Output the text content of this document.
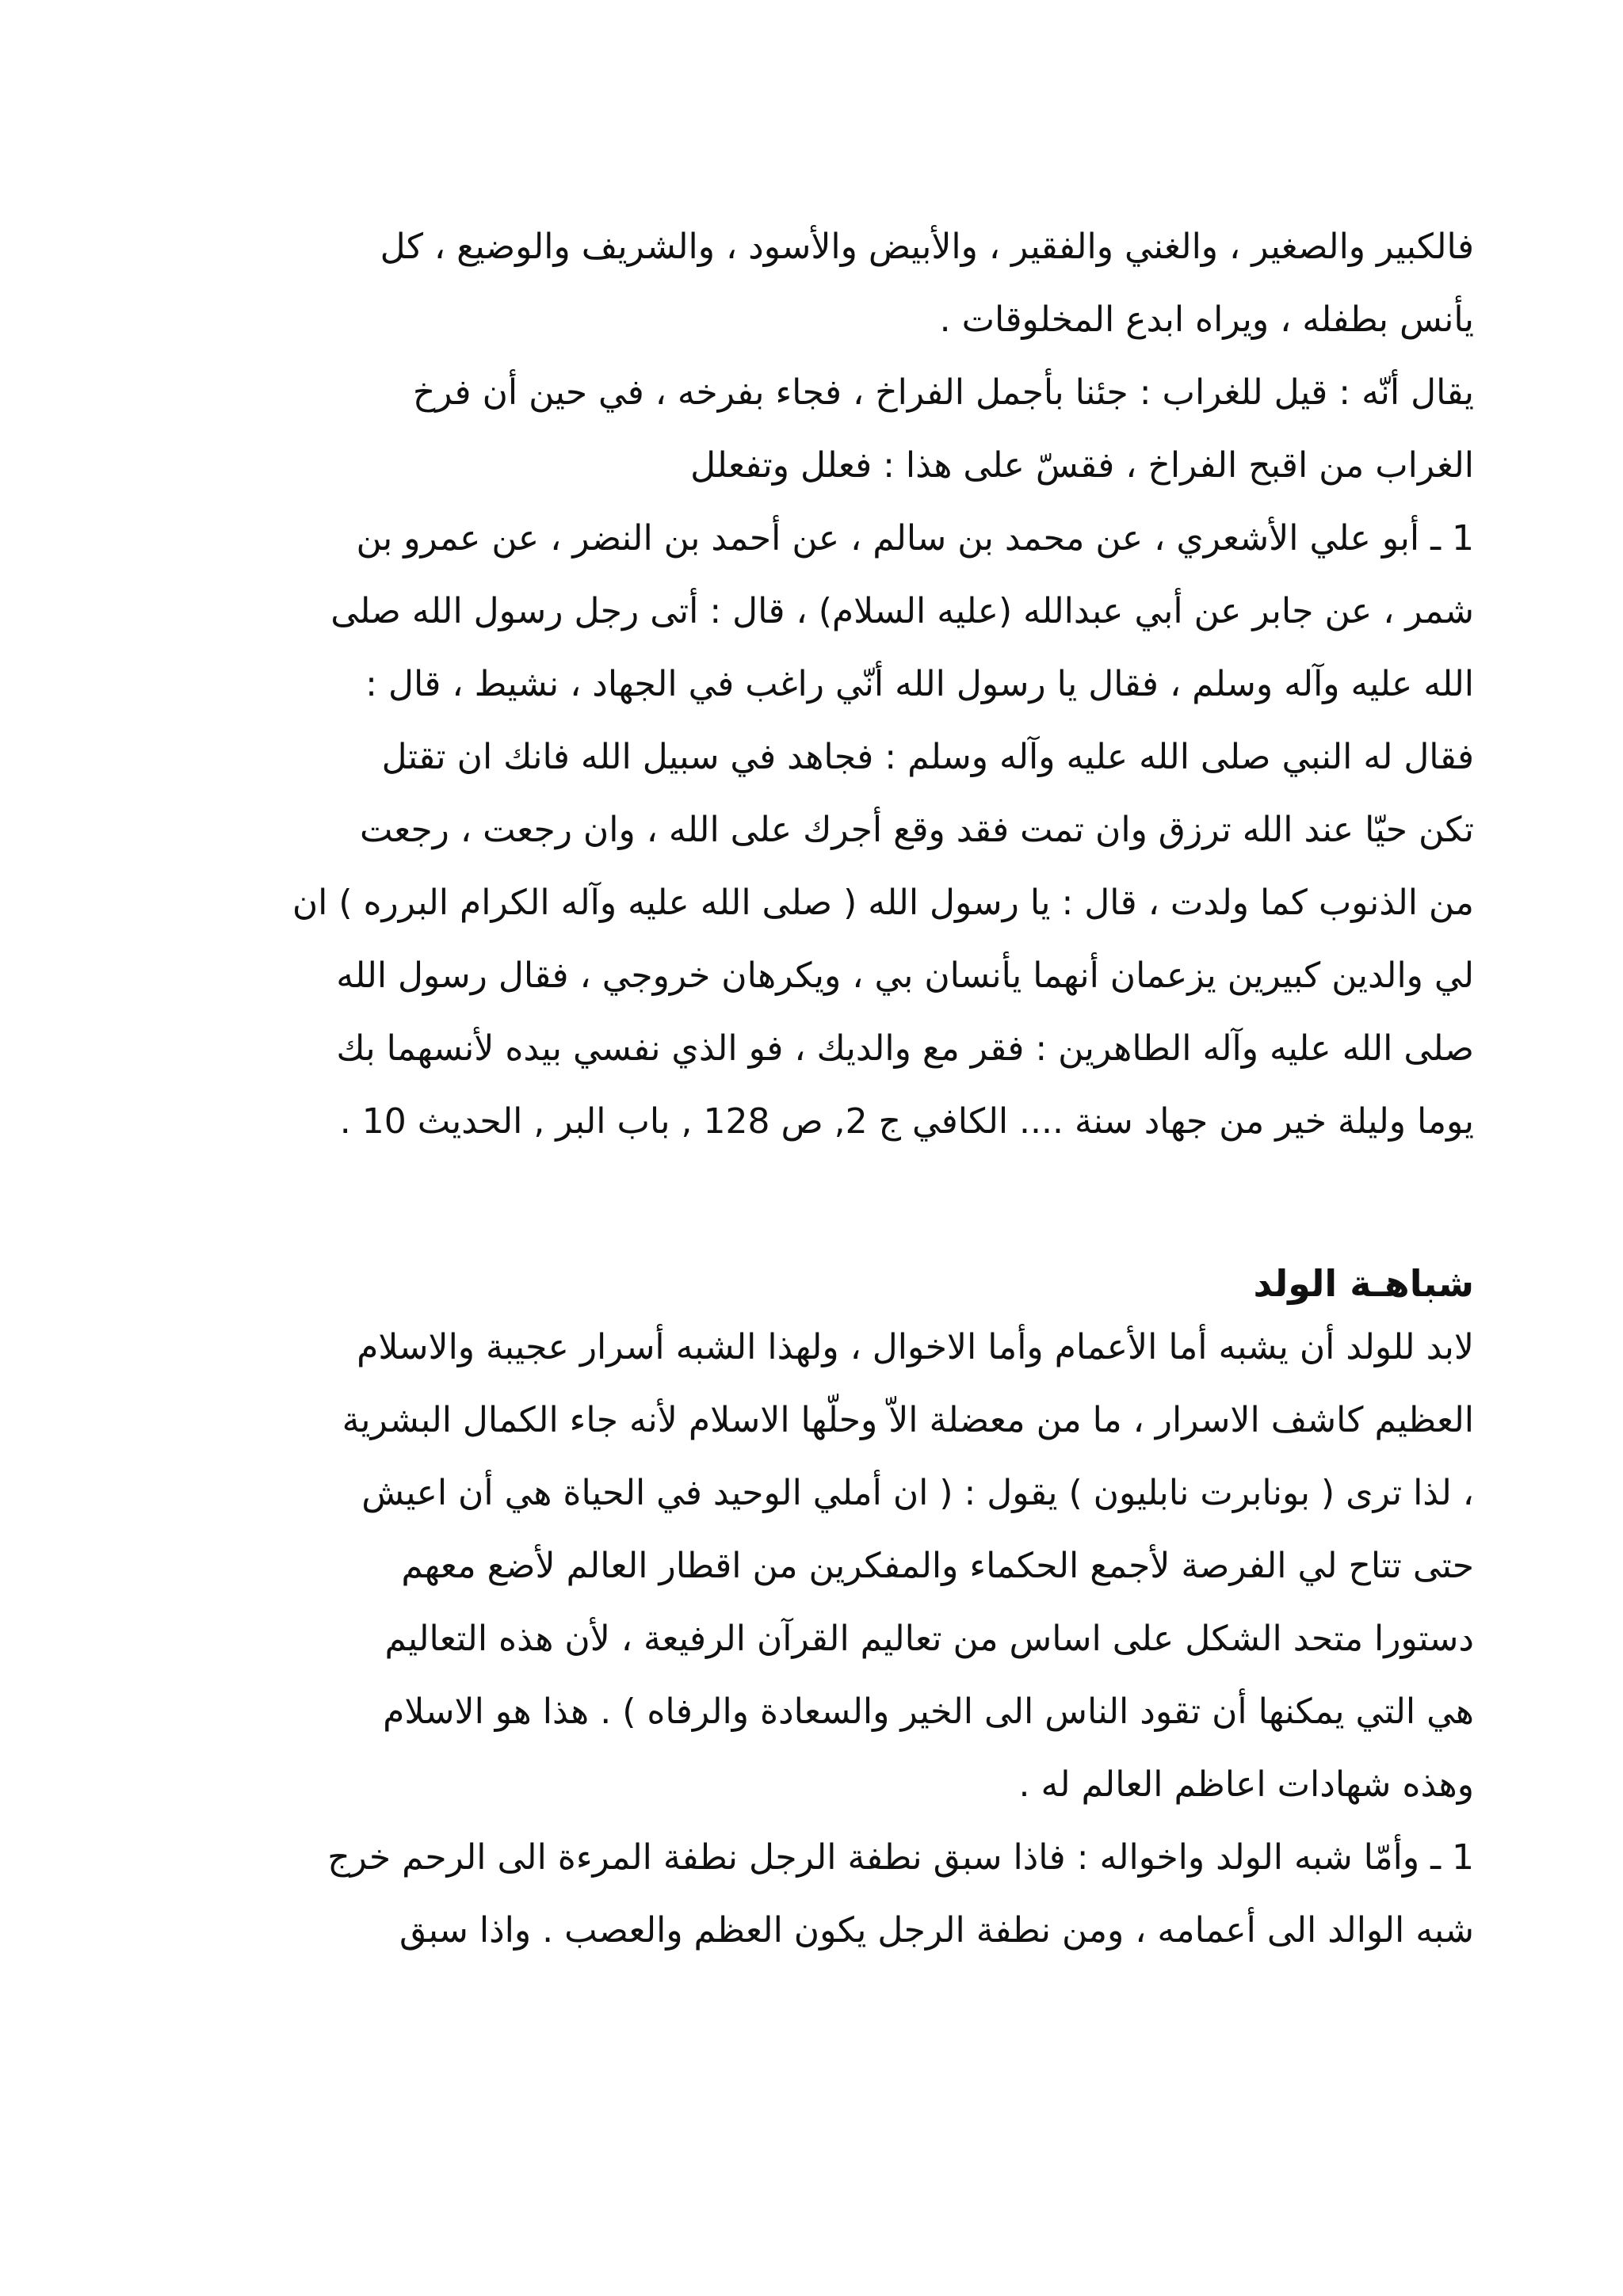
فالكبير والصغير ، والغني والفقير ، والأبيض والأسود ، والشريف والوضيع ، كل
يأنس بطفله ، ويراه ابدع المخلوقات .
يقال أنّه : قيل للغراب : جئنا بأجمل الفراخ ، فجاء بفرخه ، في حين أن فرخ
الغراب من اقبح الفراخ ، فقسّ على هذا : فعلل وتفعلل
1 ـ أبو علي الأشعري ، عن محمد بن سالم ، عن أحمد بن النضر ، عن عمرو بن
شمر ، عن جابر عن أبي عبدالله (عليه السلام) ، قال : أتى رجل رسول الله صلى
الله عليه وآله وسلم ، فقال يا رسول الله أنّي راغب في الجهاد ، نشيط ، قال :
فقال له النبي صلى الله عليه وآله وسلم : فجاهد في سبيل الله فانك ان تقتل
تكن حيّا عند الله ترزق وان تمت فقد وقع أجرك على الله ، وان رجعت ، رجعت
من الذنوب كما ولدت ، قال : يا رسول الله ( صلى الله عليه وآله الكرام البرره ) ان
لي والدين كبيرين يزعمان أنهما يأنسان بي ، ويكرهان خروجي ، فقال رسول الله
صلى الله عليه وآله الطاهرين : فقر مع والديك ، فو الذي نفسي بيده لأنسهما بك
يوما وليلة خير من جهاد سنة .... الكافي ج 2, ص 128 , باب البر , الحديث 10 .
شباهـة الولد
لابد للولد أن يشبه أما الأعمام وأما الاخوال ، ولهذا الشبه أسرار عجيبة والاسلام
العظيم كاشف الاسرار ، ما من معضلة الاّ وحلّها الاسلام لأنه جاء الكمال البشرية
، لذا ترى ( بونابرت نابليون ) يقول : ( ان أملي الوحيد في الحياة هي أن اعيش
حتى تتاح لي الفرصة لأجمع الحكماء والمفكرين من اقطار العالم لأضع معهم
دستورا متحد الشكل على اساس من تعاليم القرآن الرفيعة ، لأن هذه التعاليم
هي التي يمكنها أن تقود الناس الى الخير والسعادة والرفاه ) . هذا هو الاسلام
وهذه شهادات اعاظم العالم له .
1 ـ وأمّا شبه الولد واخواله : فاذا سبق نطفة الرجل نطفة المرءة الى الرحم خرج
شبه الوالد الى أعمامه ، ومن نطفة الرجل يكون العظم والعصب . واذا سبق
